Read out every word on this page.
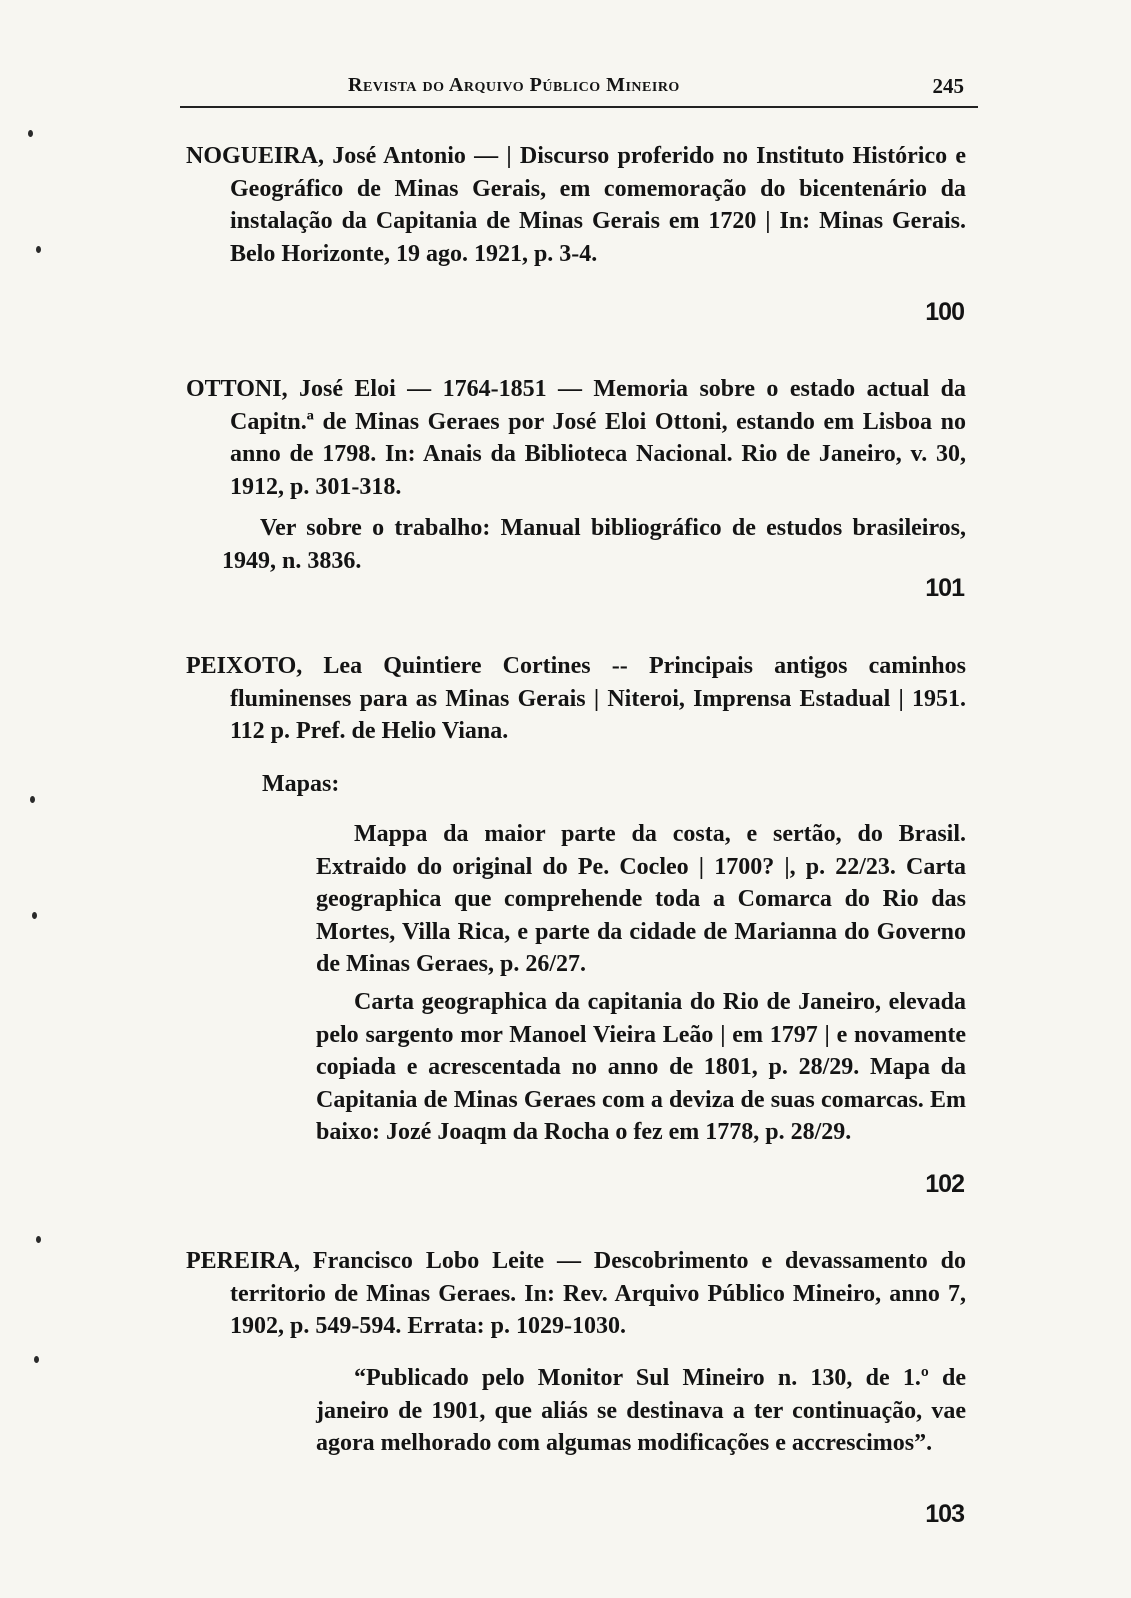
Revista do Arquivo Público Mineiro	245

NOGUEIRA, José Antonio — | Discurso proferido no Instituto Histórico e Geográfico de Minas Gerais, em comemoração do bicentenário da instalação da Capitania de Minas Gerais em 1720 | In: Minas Gerais. Belo Horizonte, 19 ago. 1921, p. 3-4.

100

OTTONI, José Eloi — 1764-1851 — Memoria sobre o estado actual da Capitn.ª de Minas Geraes por José Eloi Ottoni, estando em Lisboa no anno de 1798. In: Anais da Biblioteca Nacional. Rio de Janeiro, v. 30, 1912, p. 301-318.

Ver sobre o trabalho: Manual bibliográfico de estudos brasileiros, 1949, n. 3836.

101

PEIXOTO, Lea Quintiere Cortines -- Principais antigos caminhos fluminenses para as Minas Gerais | Niteroi, Imprensa Estadual | 1951. 112 p. Pref. de Helio Viana.

Mapas:

Mappa da maior parte da costa, e sertão, do Brasil. Extraido do original do Pe. Cocleo | 1700? |, p. 22/23. Carta geographica que comprehende toda a Comarca do Rio das Mortes, Villa Rica, e parte da cidade de Marianna do Governo de Minas Geraes, p. 26/27.

Carta geographica da capitania do Rio de Janeiro, elevada pelo sargento mor Manoel Vieira Leão | em 1797 | e novamente copiada e acrescentada no anno de 1801, p. 28/29. Mapa da Capitania de Minas Geraes com a deviza de suas comarcas. Em baixo: Jozé Joaqm da Rocha o fez em 1778, p. 28/29.

102

PEREIRA, Francisco Lobo Leite — Descobrimento e devassamento do territorio de Minas Geraes. In: Rev. Arquivo Público Mineiro, anno 7, 1902, p. 549-594. Errata: p. 1029-1030.

“Publicado pelo Monitor Sul Mineiro n. 130, de 1.º de janeiro de 1901, que aliás se destinava a ter continuação, vae agora melhorado com algumas modificações e accrescimos”.

103
